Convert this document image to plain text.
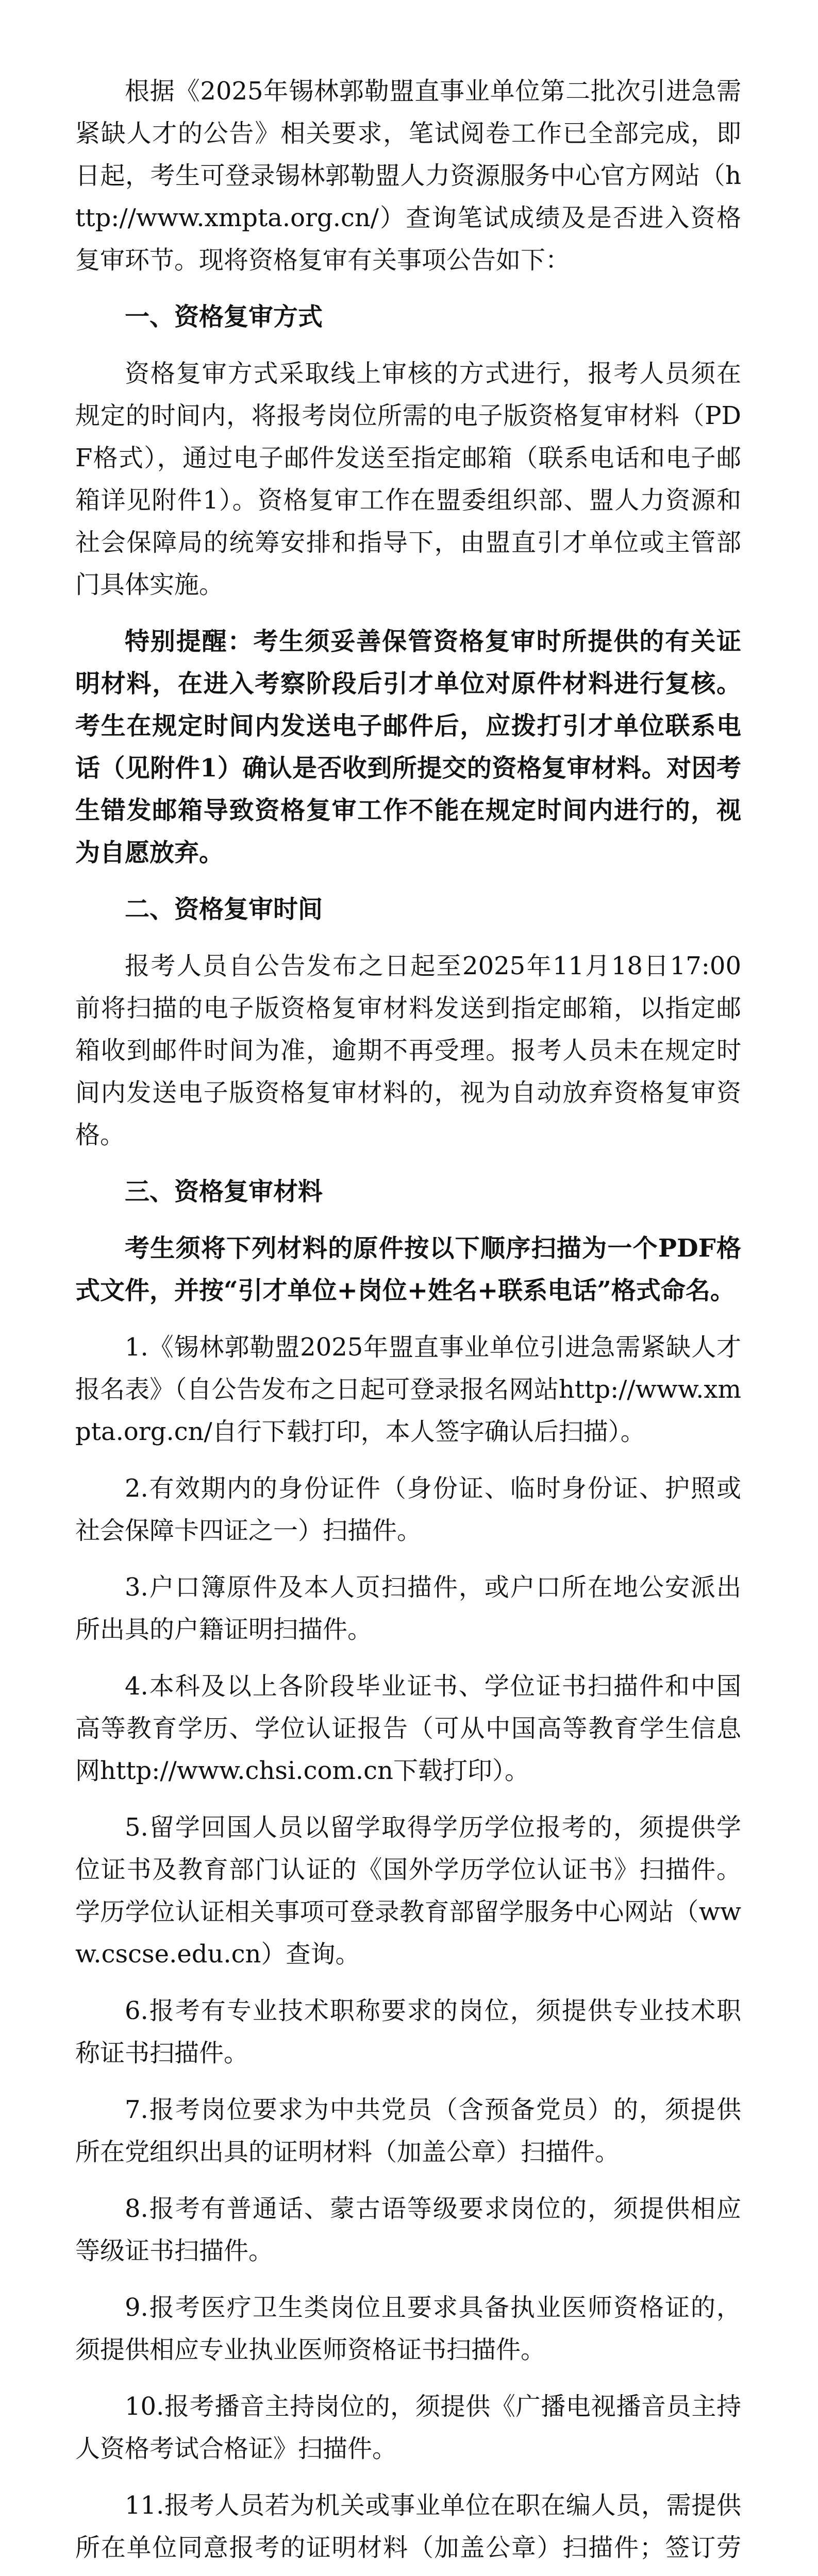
根据《2025年锡林郭勒盟直事业单位第二批次引进急需紧缺人才的公告》相关要求，笔试阅卷工作已全部完成，即日起，考生可登录锡林郭勒盟人力资源服务中心官方网站（http://www.xmpta.org.cn/）查询笔试成绩及是否进入资格复审环节。现将资格复审有关事项公告如下：

一、资格复审方式

资格复审方式采取线上审核的方式进行，报考人员须在规定的时间内，将报考岗位所需的电子版资格复审材料（PDF格式），通过电子邮件发送至指定邮箱（联系电话和电子邮箱详见附件1）。资格复审工作在盟委组织部、盟人力资源和社会保障局的统筹安排和指导下，由盟直引才单位或主管部门具体实施。

特别提醒：考生须妥善保管资格复审时所提供的有关证明材料，在进入考察阶段后引才单位对原件材料进行复核。考生在规定时间内发送电子邮件后，应拨打引才单位联系电话（见附件1）确认是否收到所提交的资格复审材料。对因考生错发邮箱导致资格复审工作不能在规定时间内进行的，视为自愿放弃。

二、资格复审时间

报考人员自公告发布之日起至2025年11月18日17:00前将扫描的电子版资格复审材料发送到指定邮箱，以指定邮箱收到邮件时间为准，逾期不再受理。报考人员未在规定时间内发送电子版资格复审材料的，视为自动放弃资格复审资格。

三、资格复审材料

考生须将下列材料的原件按以下顺序扫描为一个PDF格式文件，并按“引才单位+岗位+姓名+联系电话”格式命名。

1.《锡林郭勒盟2025年盟直事业单位引进急需紧缺人才报名表》（自公告发布之日起可登录报名网站http://www.xmpta.org.cn/自行下载打印，本人签字确认后扫描）。

2.有效期内的身份证件（身份证、临时身份证、护照或社会保障卡四证之一）扫描件。

3.户口簿原件及本人页扫描件，或户口所在地公安派出所出具的户籍证明扫描件。

4.本科及以上各阶段毕业证书、学位证书扫描件和中国高等教育学历、学位认证报告（可从中国高等教育学生信息网http://www.chsi.com.cn下载打印）。

5.留学回国人员以留学取得学历学位报考的，须提供学位证书及教育部门认证的《国外学历学位认证书》扫描件。学历学位认证相关事项可登录教育部留学服务中心网站（www.cscse.edu.cn）查询。

6.报考有专业技术职称要求的岗位，须提供专业技术职称证书扫描件。

7.报考岗位要求为中共党员（含预备党员）的，须提供所在党组织出具的证明材料（加盖公章）扫描件。

8.报考有普通话、蒙古语等级要求岗位的，须提供相应等级证书扫描件。

9.报考医疗卫生类岗位且要求具备执业医师资格证的，须提供相应专业执业医师资格证书扫描件。

10.报考播音主持岗位的，须提供《广播电视播音员主持人资格考试合格证》扫描件。

11.报考人员若为机关或事业单位在职在编人员，需提供所在单位同意报考的证明材料（加盖公章）扫描件；签订劳
